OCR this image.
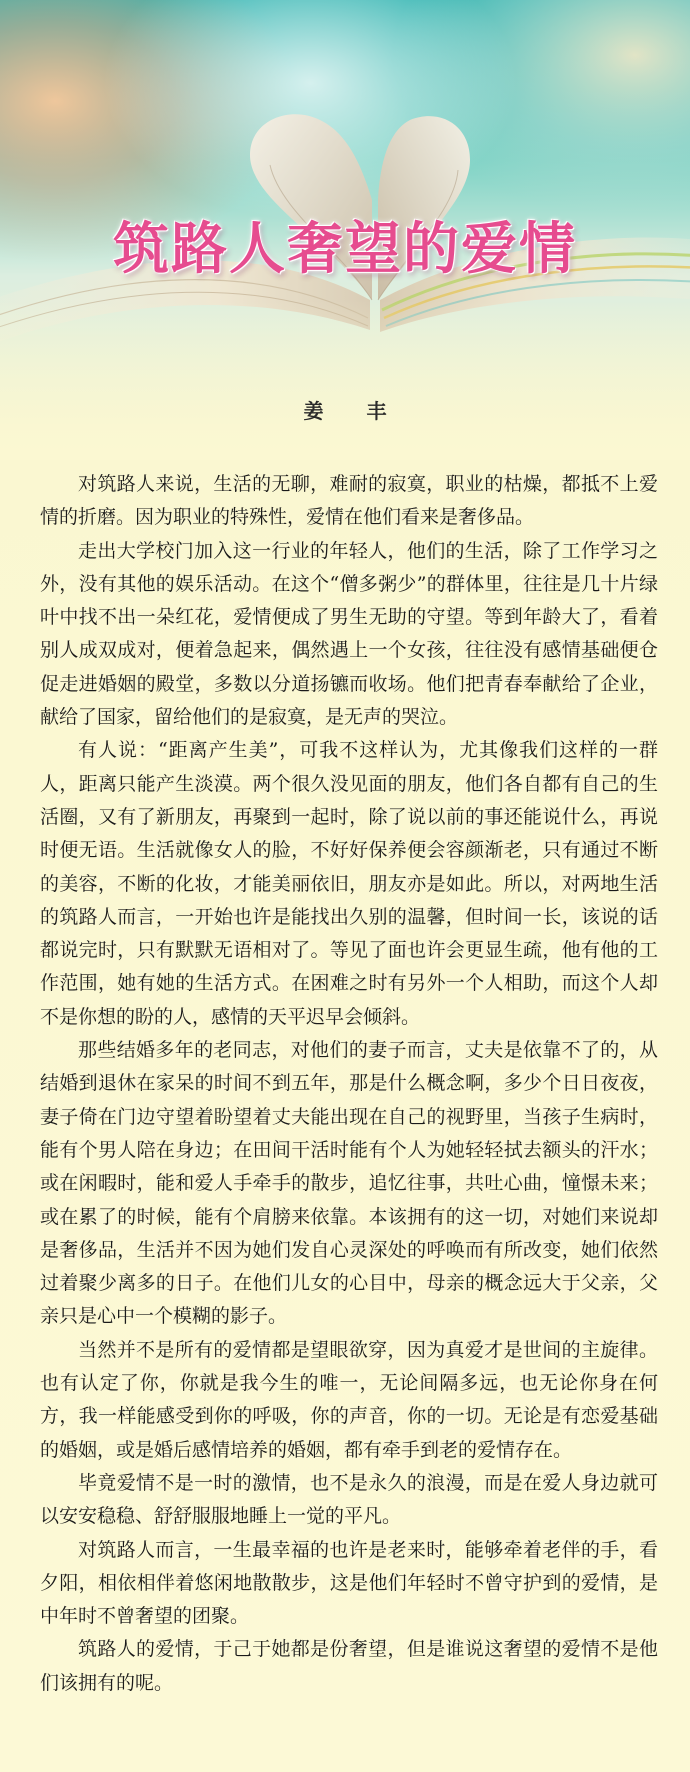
筑路人奢望的爱情
姜 丰

对筑路人来说，生活的无聊，难耐的寂寞，职业的枯燥，都抵不上爱情的折磨。因为职业的特殊性，爱情在他们看来是奢侈品。

走出大学校门加入这一行业的年轻人，他们的生活，除了工作学习之外，没有其他的娱乐活动。在这个“僧多粥少”的群体里，往往是几十片绿叶中找不出一朵红花，爱情便成了男生无助的守望。等到年龄大了，看着别人成双成对，便着急起来，偶然遇上一个女孩，往往没有感情基础便仓促走进婚姻的殿堂，多数以分道扬镳而收场。他们把青春奉献给了企业，献给了国家，留给他们的是寂寞，是无声的哭泣。

有人说：“距离产生美”，可我不这样认为，尤其像我们这样的一群人，距离只能产生淡漠。两个很久没见面的朋友，他们各自都有自己的生活圈，又有了新朋友，再聚到一起时，除了说以前的事还能说什么，再说时便无语。生活就像女人的脸，不好好保养便会容颜渐老，只有通过不断的美容，不断的化妆，才能美丽依旧，朋友亦是如此。所以，对两地生活的筑路人而言，一开始也许是能找出久别的温馨，但时间一长，该说的话都说完时，只有默默无语相对了。等见了面也许会更显生疏，他有他的工作范围，她有她的生活方式。在困难之时有另外一个人相助，而这个人却不是你想的盼的人，感情的天平迟早会倾斜。

那些结婚多年的老同志，对他们的妻子而言，丈夫是依靠不了的，从结婚到退休在家呆的时间不到五年，那是什么概念啊，多少个日日夜夜，妻子倚在门边守望着盼望着丈夫能出现在自己的视野里，当孩子生病时，能有个男人陪在身边；在田间干活时能有个人为她轻轻拭去额头的汗水；或在闲暇时，能和爱人手牵手的散步，追忆往事，共吐心曲，憧憬未来；或在累了的时候，能有个肩膀来依靠。本该拥有的这一切，对她们来说却是奢侈品，生活并不因为她们发自心灵深处的呼唤而有所改变，她们依然过着聚少离多的日子。在他们儿女的心目中，母亲的概念远大于父亲，父亲只是心中一个模糊的影子。

当然并不是所有的爱情都是望眼欲穿，因为真爱才是世间的主旋律。也有认定了你，你就是我今生的唯一，无论间隔多远，也无论你身在何方，我一样能感受到你的呼吸，你的声音，你的一切。无论是有恋爱基础的婚姻，或是婚后感情培养的婚姻，都有牵手到老的爱情存在。

毕竟爱情不是一时的激情，也不是永久的浪漫，而是在爱人身边就可以安安稳稳、舒舒服服地睡上一觉的平凡。

对筑路人而言，一生最幸福的也许是老来时，能够牵着老伴的手，看夕阳，相依相伴着悠闲地散散步，这是他们年轻时不曾守护到的爱情，是中年时不曾奢望的团聚。

筑路人的爱情，于己于她都是份奢望，但是谁说这奢望的爱情不是他们该拥有的呢。
